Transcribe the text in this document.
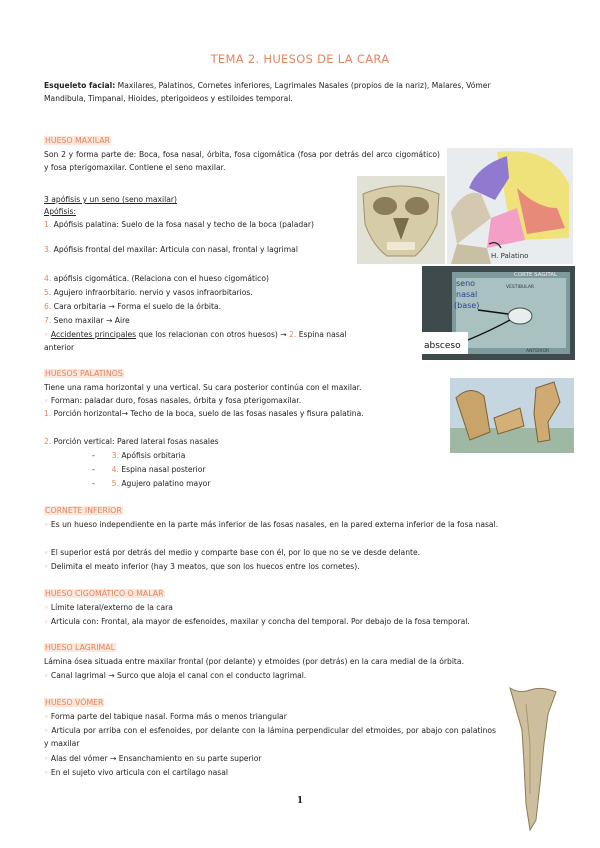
TEMA 2. HUESOS DE LA CARA
Esqueleto facial: Maxilares, Palatinos, Cornetes inferiores, Lagrimales Nasales (propios de la nariz), Malares, Vómer
Mandibula, Timpanal, Hioides, pterigoideos y estiloides temporal.
HUESO MAXILAR
Son 2 y forma parte de: Boca, fosa nasal, órbita, fosa cigomática (fosa por detrás del arco cigomático) y fosa pterigomaxilar. Contiene el seno maxilar.
3 apófisis y un seno (seno maxilar)
Apófisis:
1. Apófisis palatina: Suelo de la fosa nasal y techo de la boca (paladar)
3. Apófisis frontal del maxilar: Articula con nasal, frontal y lagrimal
4. apófisis cigomática. (Relaciona con el hueso cigomático)
5. Agujero infraorbitario. nervio y vasos infraorbitarios.
6. Cara orbitaria → Forma el suelo de la órbita.
7. Seno maxilar → Aire
◦ Accidentes principales que los relacionan con otros huesos) → 2. Espina nasal
anterior
H. Palatino
CORTE SAGITAL
VESTIBULAR
ANTERIOR
seno
nasal
(base)
absceso
HUESOS PALATINOS
Tiene una rama horizontal y una vertical. Su cara posterior continúa con el maxilar.
◦ Forman: paladar duro, fosas nasales, órbita y fosa pterigomaxilar.
1. Porción horizontal→ Techo de la boca, suelo de las fosas nasales y fisura palatina.
2. Porción vertical: Pared lateral fosas nasales
- 3. Apófisis orbitaria
- 4. Espina nasal posterior
- 5. Agujero palatino mayor
CORNETE INFERIOR
◦ Es un hueso independiente en la parte más inferior de las fosas nasales, en la pared externa inferior de la fosa nasal.
◦ El superior está por detrás del medio y comparte base con él, por lo que no se ve desde delante.
◦ Delimita el meato inferior (hay 3 meatos, que son los huecos entre los cornetes).
HUESO CIGOMÁTICO O MALAR
◦ Límite lateral/externo de la cara
◦ Articula con: Frontal, ala mayor de esfenoides, maxilar y concha del temporal. Por debajo de la fosa temporal.
HUESO LAGRIMAL
Lámina ósea situada entre maxilar frontal (por delante) y etmoides (por detrás) en la cara medial de la órbita.
◦ Canal lagrimal → Surco que aloja el canal con el conducto lagrimal.
HUESO VÓMER
◦ Forma parte del tabique nasal. Forma más o menos triangular
◦ Articula por arriba con el esfenoides, por delante con la lámina perpendicular del etmoides, por abajo con palatinos y maxilar
◦ Alas del vómer → Ensanchamiento en su parte superior
◦ En el sujeto vivo articula con el cartílago nasal
1
